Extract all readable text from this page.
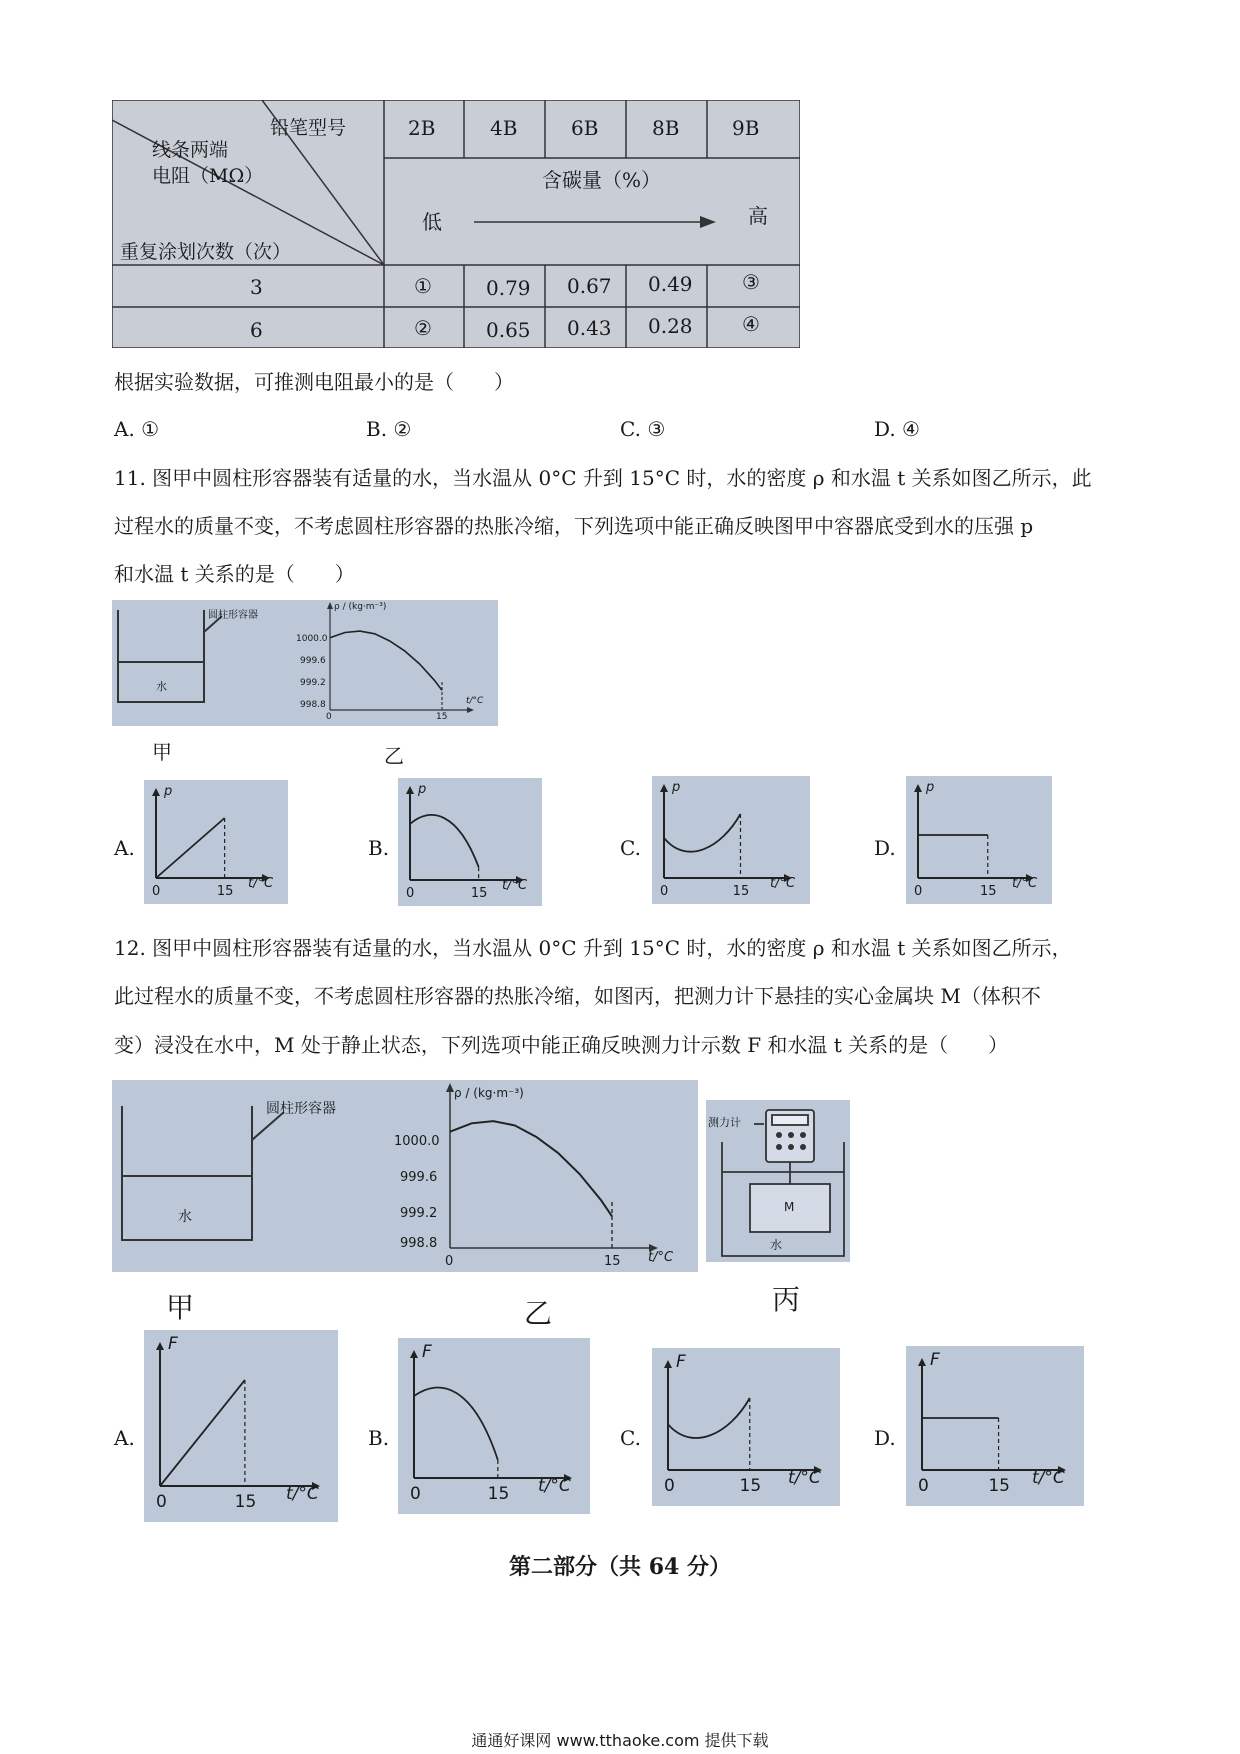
铅笔型号
线条两端
电阻（MΩ）
重复涂划次数（次）
2B	4B	6B	8B	9B
含碳量（%）
低	高
3	①	0.79 0.67 0.49 ③
6	②	0.65 0.43 0.28 ④
根据实验数据，可推测电阻最小的是（　　）
A. ①	B. ②	C. ③	D. ④
11. 图甲中圆柱形容器装有适量的水，当水温从 0°C 升到 15°C 时，水的密度 ρ 和水温 t 关系如图乙所示，此
过程水的质量不变，不考虑圆柱形容器的热胀冷缩，下列选项中能正确反映图甲中容器底受到水的压强 p
和水温 t 关系的是（　　）
圆柱形容器
水
ρ / (kg·m⁻³)
1000.0
999.6
999.2
998.8
0	15
t/°C
甲	乙
A.	B.	C.	D.
p
0	15
t/°C
p
0	15
t/°C
p
0	15
t/°C
p
0	15
t/°C
12. 图甲中圆柱形容器装有适量的水，当水温从 0°C 升到 15°C 时，水的密度 ρ 和水温 t 关系如图乙所示，
此过程水的质量不变，不考虑圆柱形容器的热胀冷缩，如图丙，把测力计下悬挂的实心金属块 M（体积不
变）浸没在水中，M 处于静止状态，下列选项中能正确反映测力计示数 F 和水温 t 关系的是（　　）
圆柱形容器
水
ρ / (kg·m⁻³)
1000.0
999.6
999.2
998.8
0	15 t/°C
测力计
M
水
甲	乙	丙
A.	B.	C.	D.
F
0	15 t/°C
F
0	15 t/°C
F
0	15 t/°C
F
0	15 t/°C
第二部分（共 64 分）
通通好课网 www.tthaoke.com 提供下载
